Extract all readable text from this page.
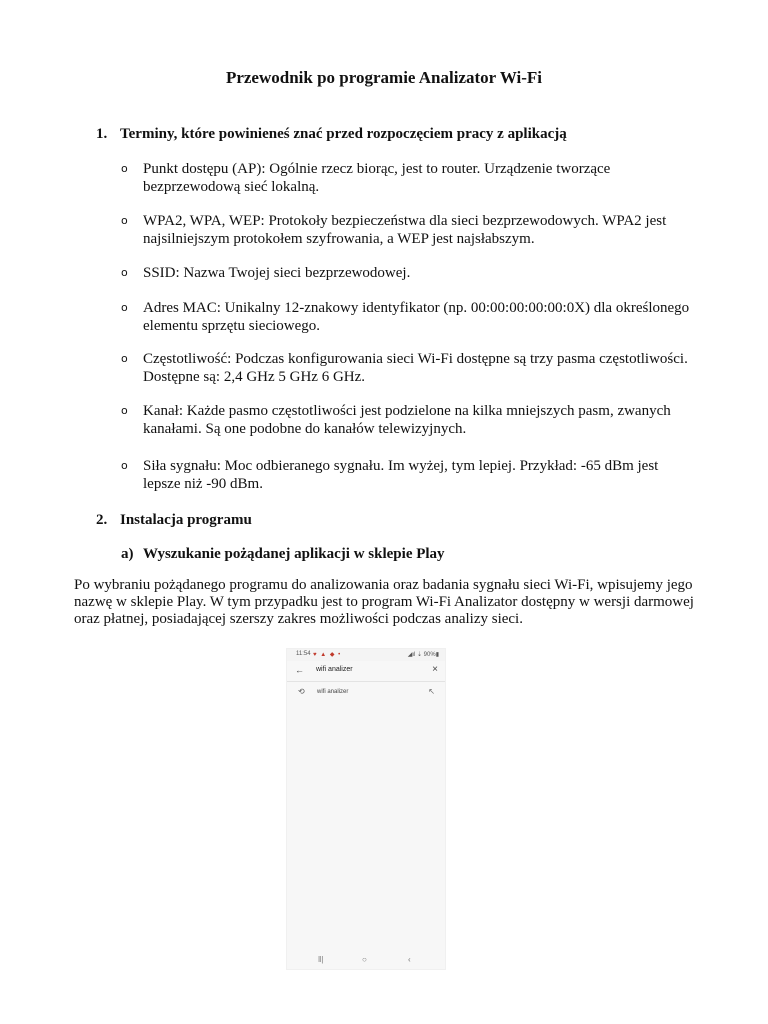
Przewodnik po programie Analizator Wi-Fi
1. Terminy, które powinieneś znać przed rozpoczęciem pracy z aplikacją
o Punkt dostępu (AP): Ogólnie rzecz biorąc, jest to router. Urządzenie tworzące bezprzewodową sieć lokalną.
o WPA2, WPA, WEP: Protokoły bezpieczeństwa dla sieci bezprzewodowych. WPA2 jest najsilniejszym protokołem szyfrowania, a WEP jest najsłabszym.
o SSID: Nazwa Twojej sieci bezprzewodowej.
o Adres MAC: Unikalny 12-znakowy identyfikator (np. 00:00:00:00:00:0X) dla określonego elementu sprzętu sieciowego.
o Częstotliwość: Podczas konfigurowania sieci Wi-Fi dostępne są trzy pasma częstotliwości. Dostępne są: 2,4 GHz 5 GHz 6 GHz.
o Kanał: Każde pasmo częstotliwości jest podzielone na kilka mniejszych pasm, zwanych kanałami. Są one podobne do kanałów telewizyjnych.
o Siła sygnału: Moc odbieranego sygnału. Im wyżej, tym lepiej. Przykład: -65 dBm jest lepsze niż -90 dBm.
2. Instalacja programu
a) Wyszukanie pożądanej aplikacji w sklepie Play
Po wybraniu pożądanego programu do analizowania oraz badania sygnału sieci Wi-Fi, wpisujemy jego nazwę w sklepie Play. W tym przypadku jest to program Wi-Fi Analizator dostępny w wersji darmowej oraz płatnej, posiadającej szerszy zakres możliwości podczas analizy sieci.
11:54 ♥ ▲ ◆ •	◢ıl ⇣ 90%▮
← wifi analizer	×
⟲ wifi analizer	↖
‖|	○	‹
